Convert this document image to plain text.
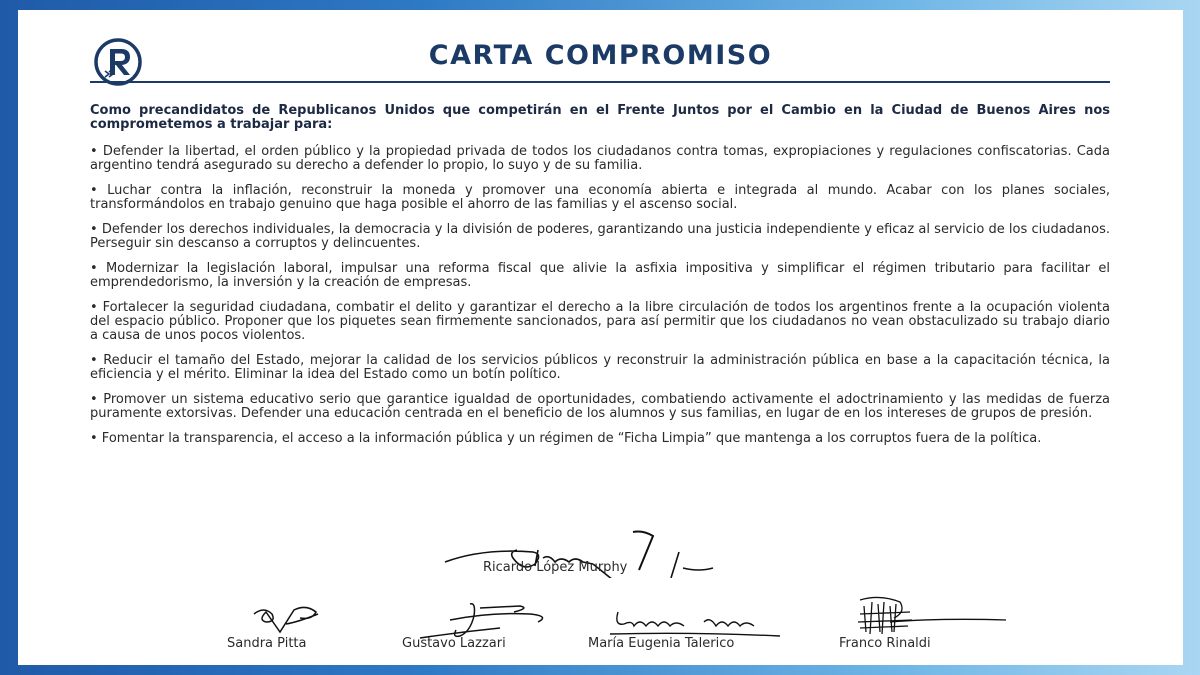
CARTA COMPROMISO

Como precandidatos de Republicanos Unidos que competirán en el Frente Juntos por el Cambio en la Ciudad de Buenos Aires nos comprometemos a trabajar para:

• Defender la libertad, el orden público y la propiedad privada de todos los ciudadanos contra tomas, expropiaciones y regulaciones confiscatorias. Cada argentino tendrá asegurado su derecho a defender lo propio, lo suyo y de su familia.

• Luchar contra la inflación, reconstruir la moneda y promover una economía abierta e integrada al mundo. Acabar con los planes sociales, transformándolos en trabajo genuino que haga posible el ahorro de las familias y el ascenso social.

• Defender los derechos individuales, la democracia y la división de poderes, garantizando una justicia independiente y eficaz al servicio de los ciudadanos. Perseguir sin descanso a corruptos y delincuentes.

• Modernizar la legislación laboral, impulsar una reforma fiscal que alivie la asfixia impositiva y simplificar el régimen tributario para facilitar el emprendedorismo, la inversión y la creación de empresas.

• Fortalecer la seguridad ciudadana, combatir el delito y garantizar el derecho a la libre circulación de todos los argentinos frente a la ocupación violenta del espacio público. Proponer que los piquetes sean firmemente sancionados, para así permitir que los ciudadanos no vean obstaculizado su trabajo diario a causa de unos pocos violentos.

• Reducir el tamaño del Estado, mejorar la calidad de los servicios públicos y reconstruir la administración pública en base a la capacitación técnica, la eficiencia y el mérito. Eliminar la idea del Estado como un botín político.

• Promover un sistema educativo serio que garantice igualdad de oportunidades, combatiendo activamente el adoctrinamiento y las medidas de fuerza puramente extorsivas. Defender una educación centrada en el beneficio de los alumnos y sus familias, en lugar de en los intereses de grupos de presión.

• Fomentar la transparencia, el acceso a la información pública y un régimen de “Ficha Limpia” que mantenga a los corruptos fuera de la política.

Ricardo López Murphy
Sandra Pitta	Gustavo Lazzari	María Eugenia Talerico	Franco Rinaldi
